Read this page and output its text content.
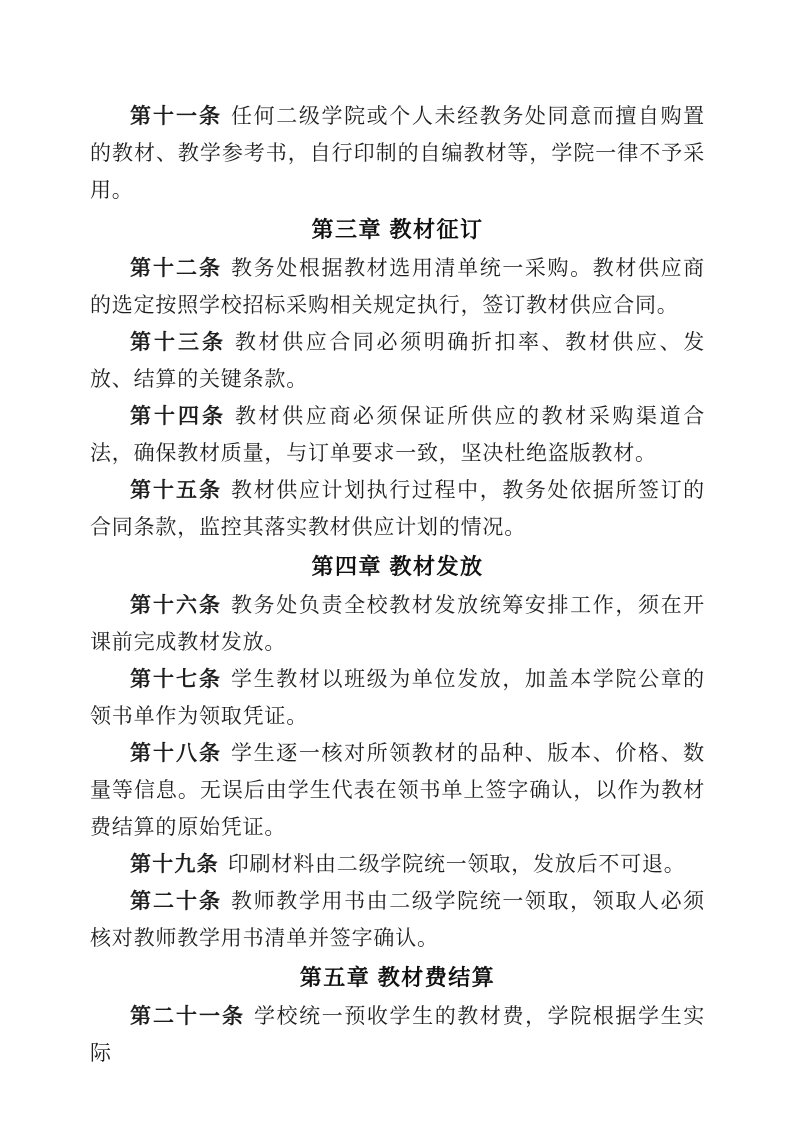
第十一条 任何二级学院或个人未经教务处同意而擅自购置的教材、教学参考书，自行印制的自编教材等，学院一律不予采用。

第三章 教材征订

第十二条 教务处根据教材选用清单统一采购。教材供应商的选定按照学校招标采购相关规定执行，签订教材供应合同。

第十三条 教材供应合同必须明确折扣率、教材供应、发放、结算的关键条款。

第十四条 教材供应商必须保证所供应的教材采购渠道合法，确保教材质量，与订单要求一致，坚决杜绝盗版教材。

第十五条 教材供应计划执行过程中，教务处依据所签订的合同条款，监控其落实教材供应计划的情况。

第四章 教材发放

第十六条 教务处负责全校教材发放统筹安排工作，须在开课前完成教材发放。

第十七条 学生教材以班级为单位发放，加盖本学院公章的领书单作为领取凭证。

第十八条 学生逐一核对所领教材的品种、版本、价格、数量等信息。无误后由学生代表在领书单上签字确认，以作为教材费结算的原始凭证。

第十九条 印刷材料由二级学院统一领取，发放后不可退。

第二十条 教师教学用书由二级学院统一领取，领取人必须核对教师教学用书清单并签字确认。

第五章 教材费结算

第二十一条 学校统一预收学生的教材费，学院根据学生实际
